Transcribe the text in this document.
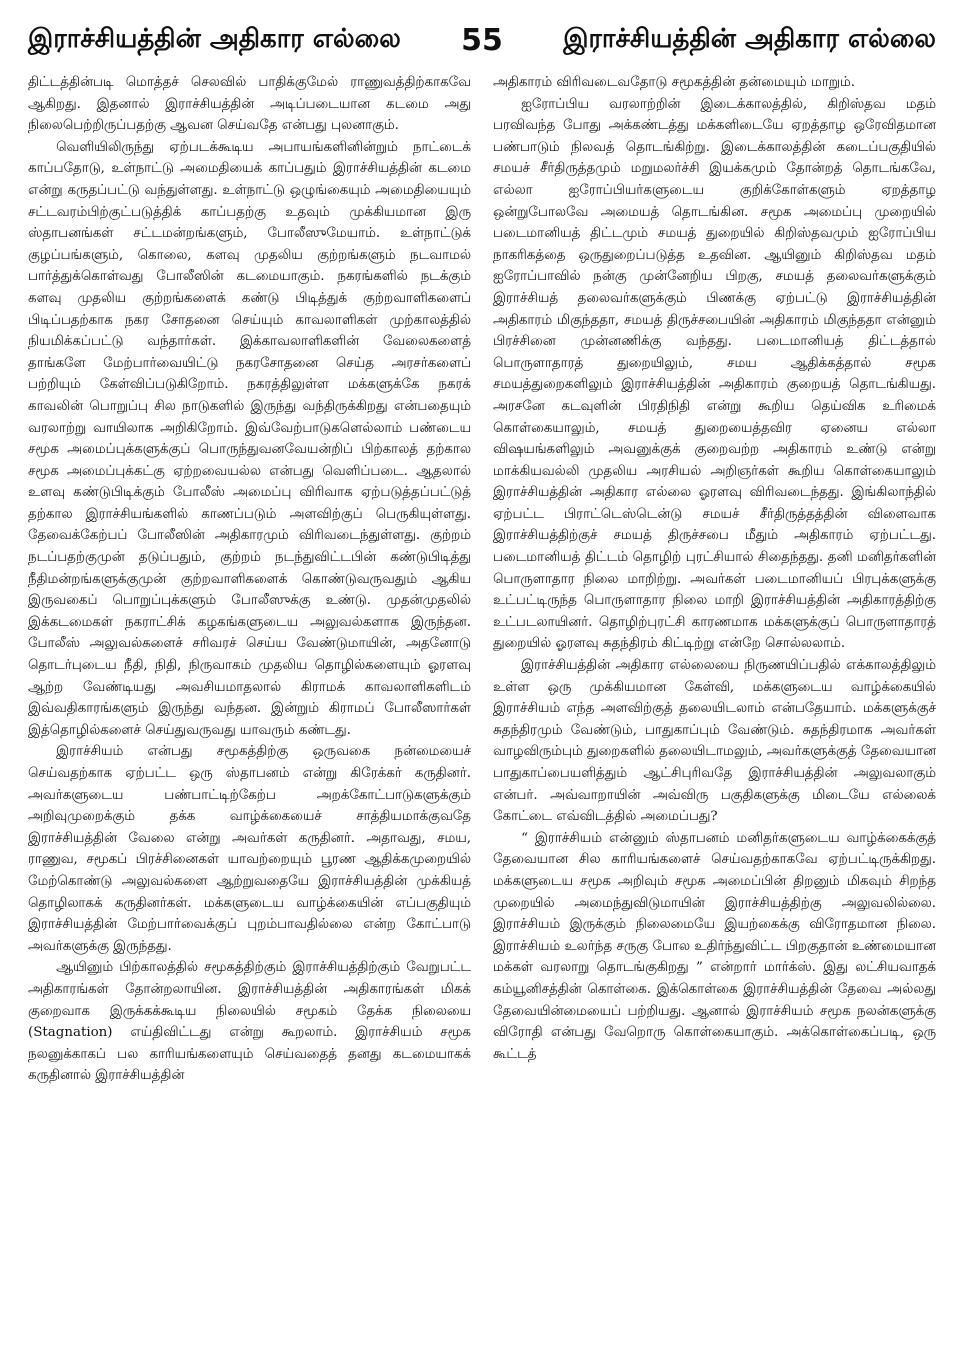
இராச்சியத்தின் அதிகார எல்லை 55 இராச்சியத்தின் அதிகார எல்லை

திட்டத்தின்படி மொத்தச் செலவில் பாதிக்குமேல் ராணுவத்திற்காகவே ஆகிறது. இதனால் இராச்சியத்தின் அடிப்படையான கடமை அது நிலைபெற்றிருப்பதற்கு ஆவன செய்வதே என்பது புலனாகும்.

வெளியிலிருந்து ஏற்படக்கூடிய அபாயங்களினின்றும் நாட்டைக் காப்பதோடு, உள்நாட்டு அமைதியைக் காப்பதும் இராச்சியத்தின் கடமை என்று கருதப்பட்டு வந்துள்ளது. உள்நாட்டு ஒழுங்கையும் அமைதியையும் சட்டவரம்பிற்குட்படுத்திக் காப்பதற்கு உதவும் முக்கியமான இரு ஸ்தாபனங்கள் சட்டமன்றங்களும், போலீஸுமேயாம். உள்நாட்டுக் குழப்பங்களும், கொலை, களவு முதலிய குற்றங்களும் நடவாமல் பார்த்துக்கொள்வது போலீஸின் கடமையாகும். நகரங்களில் நடக்கும் களவு முதலிய குற்றங்களைக் கண்டு பிடித்துக் குற்றவாளிகளைப் பிடிப்பதற்காக நகர சோதனை செய்யும் காவலாளிகள் முற்காலத்தில் நியமிக்கப்பட்டு வந்தார்கள். இக்காவலாளிகளின் வேலைகளைத் தாங்களே மேற்பார்வையிட்டு நகரசோதனை செய்த அரசர்களைப் பற்றியும் கேள்விப்படுகிறோம். நகரத்திலுள்ள மக்களுக்கே நகரக் காவலின் பொறுப்பு சில நாடுகளில் இருந்து வந்திருக்கிறது என்பதையும் வரலாற்று வாயிலாக அறிகிறோம். இவ்வேற்பாடுகளெல்லாம் பண்டைய சமூக அமைப்புக்களுக்குப் பொருந்துவனவேயன்றிப் பிற்காலத் தற்கால சமூக அமைப்புக்கட்கு ஏற்றவையல்ல என்பது வெளிப்படை. ஆதலால் உளவு கண்டுபிடிக்கும் போலீஸ் அமைப்பு விரிவாக ஏற்படுத்தப்பட்டுத் தற்கால இராச்சியங்களில் காணப்படும் அளவிற்குப் பெருகியுள்ளது. தேவைக்கேற்பப் போலீஸின் அதிகாரமும் விரிவடைந்துள்ளது. குற்றம் நடப்பதற்குமுன் தடுப்பதும், குற்றம் நடந்துவிட்டபின் கண்டுபிடித்து நீதிமன்றங்களுக்குமுன் குற்றவாளிகளைக் கொண்டுவருவதும் ஆகிய இருவகைப் பொறுப்புக்களும் போலீஸுக்கு உண்டு. முதன்முதலில் இக்கடமைகள் நகராட்சிக் கழகங்களுடைய அலுவல்களாக இருந்தன. போலீஸ் அலுவல்களைச் சரிவரச் செய்ய வேண்டுமாயின், அதனோடு தொடர்புடைய நீதி, நிதி, நிருவாகம் முதலிய தொழில்களையும் ஓரளவு ஆற்ற வேண்டியது அவசியமாதலால் கிராமக் காவலாளிகளிடம் இவ்வதிகாரங்களும் இருந்து வந்தன. இன்றும் கிராமப் போலீஸார்கள் இத்தொழில்களைச் செய்துவருவது யாவரும் கண்டது.

இராச்சியம் என்பது சமூகத்திற்கு ஒருவகை நன்மையைச் செய்வதற்காக ஏற்பட்ட ஒரு ஸ்தாபனம் என்று கிரேக்கர் கருதினர். அவர்களுடைய பண்பாட்டிற்கேற்ப அறக்கோட்பாடுகளுக்கும் அறிவுமுறைக்கும் தக்க வாழ்க்கையைச் சாத்தியமாக்குவதே இராச்சியத்தின் வேலை என்று அவர்கள் கருதினர். அதாவது, சமய, ராணுவ, சமூகப் பிரச்சினைகள் யாவற்றையும் பூரண ஆதிக்கமுறையில் மேற்கொண்டு அலுவல்களை ஆற்றுவதையே இராச்சியத்தின் முக்கியத் தொழிலாகக் கருதினர்கள். மக்களுடைய வாழ்க்கையின் எப்பகுதியும் இராச்சியத்தின் மேற்பார்வைக்குப் புறம்பாவதில்லை என்ற கோட்பாடு அவர்களுக்கு இருந்தது.

ஆயினும் பிற்காலத்தில் சமூகத்திற்கும் இராச்சியத்திற்கும் வேறுபட்ட அதிகாரங்கள் தோன்றலாயின. இராச்சியத்தின் அதிகாரங்கள் மிகக் குறைவாக இருக்கக்கூடிய நிலையில் சமூகம் தேக்க நிலையை (Stagnation) எய்திவிட்டது என்று கூறலாம். இராச்சியம் சமூக நலனுக்காகப் பல காரியங்களையும் செய்வதைத் தனது கடமையாகக் கருதினால் இராச்சியத்தின்

அதிகாரம் விரிவடைவதோடு சமூகத்தின் தன்மையும் மாறும்.

ஐரோப்பிய வரலாற்றின் இடைக்காலத்தில், கிறிஸ்தவ மதம் பரவிவந்த போது அக்கண்டத்து மக்களிடையே ஏறத்தாழ ஒரேவிதமான பண்பாடும் நிலவத் தொடங்கிற்று. இடைக்காலத்தின் கடைப்பகுதியில் சமயச் சீர்திருத்தமும் மறுமலர்ச்சி இயக்கமும் தோன்றத் தொடங்கவே, எல்லா ஐரோப்பியர்களுடைய குறிக்கோள்களும் ஏறத்தாழ ஒன்றுபோலவே அமையத் தொடங்கின. சமூக அமைப்பு முறையில் படைமானியத் திட்டமும் சமயத் துறையில் கிறிஸ்தவமும் ஐரோப்பிய நாகரிகத்தை ஒருதுறைப்படுத்த உதவின. ஆயினும் கிறிஸ்தவ மதம் ஐரோப்பாவில் நன்கு முன்னேறிய பிறகு, சமயத் தலைவர்களுக்கும் இராச்சியத் தலைவர்களுக்கும் பிணக்கு ஏற்பட்டு இராச்சியத்தின் அதிகாரம் மிகுந்ததா, சமயத் திருச்சபையின் அதிகாரம் மிகுந்ததா என்னும் பிரச்சினை முன்னணிக்கு வந்தது. படைமானியத் திட்டத்தால் பொருளாதாரத் துறையிலும், சமய ஆதிக்கத்தால் சமூக சமயத்துறைகளிலும் இராச்சியத்தின் அதிகாரம் குறையத் தொடங்கியது. அரசனே கடவுளின் பிரதிநிதி என்று கூறிய தெய்விக உரிமைக் கொள்கையாலும், சமயத் துறையைத்தவிர ஏனைய எல்லா விஷயங்களிலும் அவனுக்குக் குறைவற்ற அதிகாரம் உண்டு என்று மாக்கியவல்லி முதலிய அரசியல் அறிஞர்கள் கூறிய கொள்கையாலும் இராச்சியத்தின் அதிகார எல்லை ஓரளவு விரிவடைந்தது. இங்கிலாந்தில் ஏற்பட்ட பிராட்டெஸ்டென்டு சமயச் சீர்திருத்தத்தின் விளைவாக இராச்சியத்திற்குச் சமயத் திருச்சபை மீதும் அதிகாரம் ஏற்பட்டது. படைமானியத் திட்டம் தொழிற் புரட்சியால் சிதைந்தது. தனி மனிதர்களின் பொருளாதார நிலை மாறிற்று. அவர்கள் படைமானியப் பிரபுக்களுக்கு உட்பட்டிருந்த பொருளாதார நிலை மாறி இராச்சியத்தின் அதிகாரத்திற்கு உட்படலாயினர். தொழிற்புரட்சி காரணமாக மக்களுக்குப் பொருளாதாரத் துறையில் ஓரளவு சுதந்திரம் கிட்டிற்று என்றே சொல்லலாம்.

இராச்சியத்தின் அதிகார எல்லையை நிருணயிப்பதில் எக்காலத்திலும் உள்ள ஒரு முக்கியமான கேள்வி, மக்களுடைய வாழ்க்கையில் இராச்சியம் எந்த அளவிற்குத் தலையிடலாம் என்பதேயாம். மக்களுக்குச் சுதந்திரமும் வேண்டும், பாதுகாப்பும் வேண்டும். சுதந்திரமாக அவர்கள் வாழவிரும்பும் துறைகளில் தலையிடாமலும், அவர்களுக்குத் தேவையான பாதுகாப்பையளித்தும் ஆட்சிபுரிவதே இராச்சியத்தின் அலுவலாகும் என்பர். அவ்வாறாயின் அவ்விரு பகுதிகளுக்கு மிடையே எல்லைக் கோட்டை எவ்விடத்தில் அமைப்பது?

“ இராச்சியம் என்னும் ஸ்தாபனம் மனிதர்களுடைய வாழ்க்கைக்குத் தேவையான சில காரியங்களைச் செய்வதற்காகவே ஏற்பட்டிருக்கிறது. மக்களுடைய சமூக அறிவும் சமூக அமைப்பின் திறனும் மிகவும் சிறந்த முறையில் அமைந்துவிடுமாயின் இராச்சியத்திற்கு அலுவலில்லை. இராச்சியம் இருக்கும் நிலைமையே இயற்கைக்கு விரோதமான நிலை. இராச்சியம் உலர்ந்த சருகு போல உதிர்ந்துவிட்ட பிறகுதான் உண்மையான மக்கள் வரலாறு தொடங்குகிறது ” என்றார் மார்க்ஸ். இது லட்சியவாதக் கம்யூனிசத்தின் கொள்கை. இக்கொள்கை இராச்சியத்தின் தேவை அல்லது தேவையின்மையைப் பற்றியது. ஆனால் இராச்சியம் சமூக நலன்களுக்கு விரோதி என்பது வேறொரு கொள்கையாகும். அக்கொள்கைப்படி, ஒரு கூட்டத்
